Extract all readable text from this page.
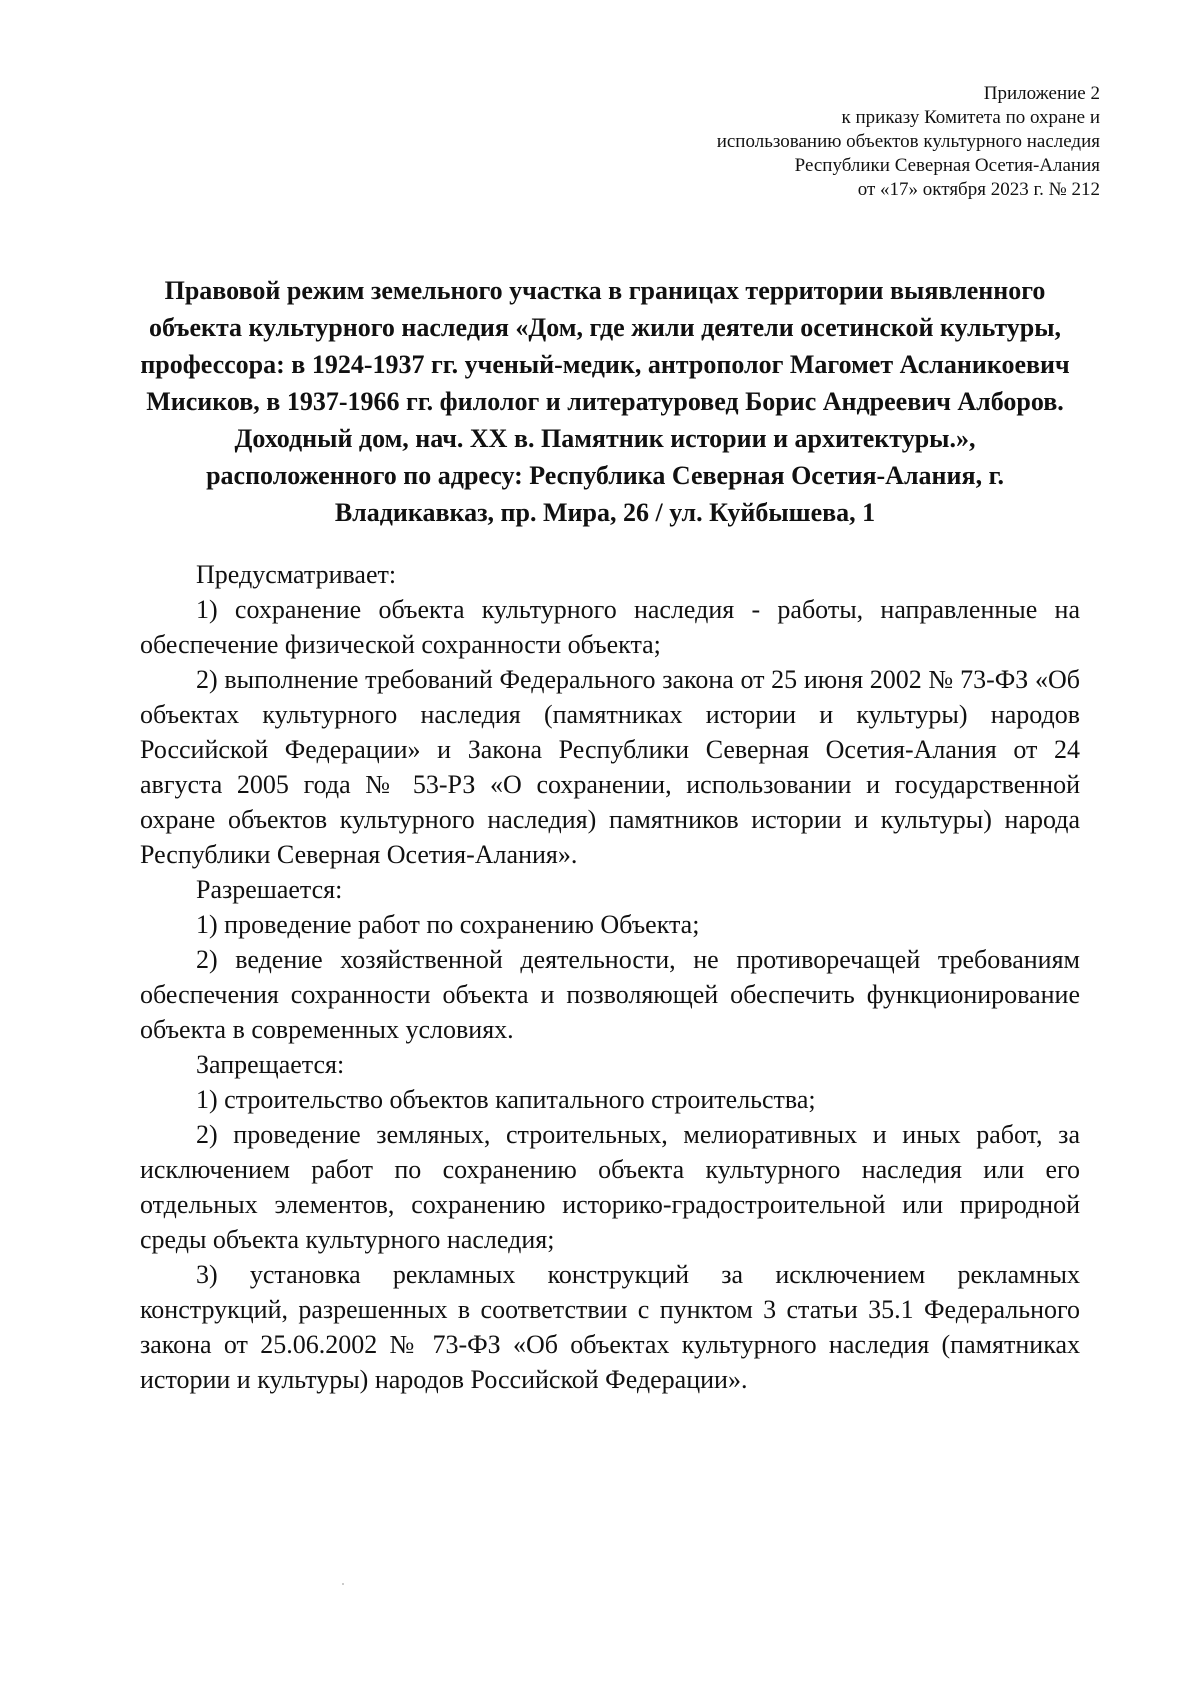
Приложение 2
к приказу Комитета по охране и
использованию объектов культурного наследия
Республики Северная Осетия-Алания
от «17» октября 2023 г. № 212
Правовой режим земельного участка в границах территории выявленного объекта культурного наследия «Дом, где жили деятели осетинской культуры, профессора: в 1924-1937 гг. ученый-медик, антрополог Магомет Асланикоевич Мисиков, в 1937-1966 гг. филолог и литературовед Борис Андреевич Алборов. Доходный дом, нач. XX в. Памятник истории и архитектуры.», расположенного по адресу: Республика Северная Осетия-Алания, г. Владикавказ, пр. Мира, 26 / ул. Куйбышева, 1

Предусматривает:

1) сохранение объекта культурного наследия - работы, направленные на обеспечение физической сохранности объекта;

2) выполнение требований Федерального закона от 25 июня 2002 № 73-ФЗ «Об объектах культурного наследия (памятниках истории и культуры) народов Российской Федерации» и Закона Республики Северная Осетия-Алания от 24 августа 2005 года № 53-РЗ «О сохранении, использовании и государственной охране объектов культурного наследия) памятников истории и культуры) народа Республики Северная Осетия-Алания».

Разрешается:

1) проведение работ по сохранению Объекта;

2) ведение хозяйственной деятельности, не противоречащей требованиям обеспечения сохранности объекта и позволяющей обеспечить функционирование объекта в современных условиях.

Запрещается:

1) строительство объектов капитального строительства;

2) проведение земляных, строительных, мелиоративных и иных работ, за исключением работ по сохранению объекта культурного наследия или его отдельных элементов, сохранению историко-градостроительной или природной среды объекта культурного наследия;

3) установка рекламных конструкций за исключением рекламных конструкций, разрешенных в соответствии с пунктом 3 статьи 35.1 Федерального закона от 25.06.2002 № 73-ФЗ «Об объектах культурного наследия (памятниках истории и культуры) народов Российской Федерации».
